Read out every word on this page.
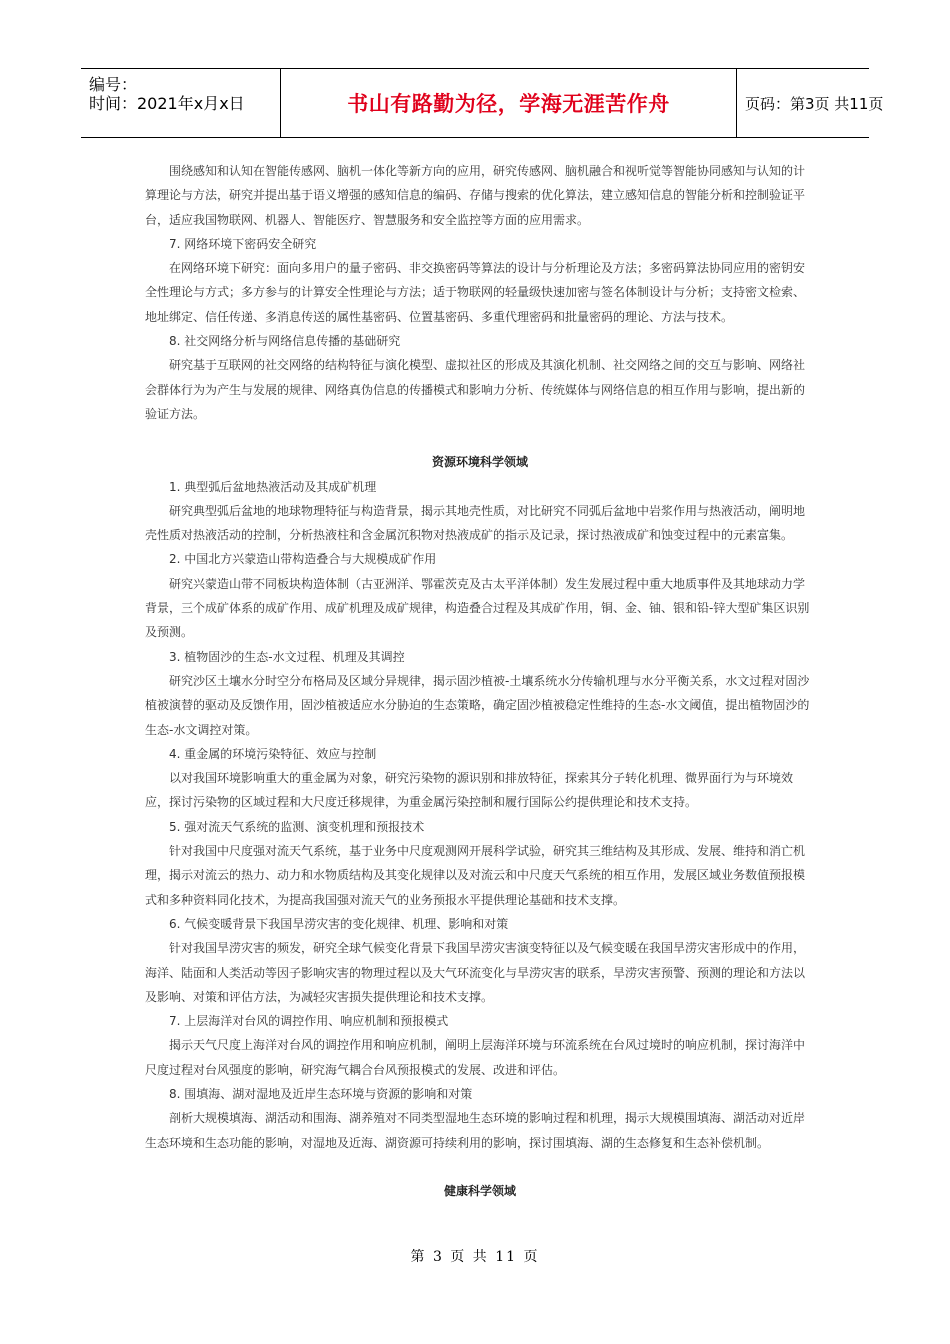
编号：
时间：2021年x月x日	书山有路勤为径，学海无涯苦作舟	页码：第3页 共11页

围绕感知和认知在智能传感网、脑机一体化等新方向的应用，研究传感网、脑机融合和视听觉等智能协同感知与认知的计算理论与方法，研究并提出基于语义增强的感知信息的编码、存储与搜索的优化算法，建立感知信息的智能分析和控制验证平台，适应我国物联网、机器人、智能医疗、智慧服务和安全监控等方面的应用需求。

7. 网络环境下密码安全研究

在网络环境下研究：面向多用户的量子密码、非交换密码等算法的设计与分析理论及方法；多密码算法协同应用的密钥安全性理论与方式；多方参与的计算安全性理论与方法；适于物联网的轻量级快速加密与签名体制设计与分析；支持密文检索、地址绑定、信任传递、多消息传送的属性基密码、位置基密码、多重代理密码和批量密码的理论、方法与技术。

8. 社交网络分析与网络信息传播的基础研究

研究基于互联网的社交网络的结构特征与演化模型、虚拟社区的形成及其演化机制、社交网络之间的交互与影响、网络社会群体行为为产生与发展的规律、网络真伪信息的传播模式和影响力分析、传统媒体与网络信息的相互作用与影响，提出新的验证方法。

资源环境科学领域

1. 典型弧后盆地热液活动及其成矿机理

研究典型弧后盆地的地球物理特征与构造背景，揭示其地壳性质，对比研究不同弧后盆地中岩浆作用与热液活动，阐明地壳性质对热液活动的控制，分析热液柱和含金属沉积物对热液成矿的指示及记录，探讨热液成矿和蚀变过程中的元素富集。

2. 中国北方兴蒙造山带构造叠合与大规模成矿作用

研究兴蒙造山带不同板块构造体制（古亚洲洋、鄂霍茨克及古太平洋体制）发生发展过程中重大地质事件及其地球动力学背景，三个成矿体系的成矿作用、成矿机理及成矿规律，构造叠合过程及其成矿作用，铜、金、铀、银和铅-锌大型矿集区识别及预测。

3. 植物固沙的生态-水文过程、机理及其调控

研究沙区土壤水分时空分布格局及区域分异规律，揭示固沙植被-土壤系统水分传输机理与水分平衡关系，水文过程对固沙植被演替的驱动及反馈作用，固沙植被适应水分胁迫的生态策略，确定固沙植被稳定性维持的生态-水文阈值，提出植物固沙的生态-水文调控对策。

4. 重金属的环境污染特征、效应与控制

以对我国环境影响重大的重金属为对象，研究污染物的源识别和排放特征，探索其分子转化机理、微界面行为与环境效应，探讨污染物的区域过程和大尺度迁移规律，为重金属污染控制和履行国际公约提供理论和技术支持。

5. 强对流天气系统的监测、演变机理和预报技术

针对我国中尺度强对流天气系统，基于业务中尺度观测网开展科学试验，研究其三维结构及其形成、发展、维持和消亡机理，揭示对流云的热力、动力和水物质结构及其变化规律以及对流云和中尺度天气系统的相互作用，发展区域业务数值预报模式和多种资料同化技术，为提高我国强对流天气的业务预报水平提供理论基础和技术支撑。

6. 气候变暖背景下我国旱涝灾害的变化规律、机理、影响和对策

针对我国旱涝灾害的频发，研究全球气候变化背景下我国旱涝灾害演变特征以及气候变暖在我国旱涝灾害形成中的作用，海洋、陆面和人类活动等因子影响灾害的物理过程以及大气环流变化与旱涝灾害的联系，旱涝灾害预警、预测的理论和方法以及影响、对策和评估方法，为减轻灾害损失提供理论和技术支撑。

7. 上层海洋对台风的调控作用、响应机制和预报模式

揭示天气尺度上海洋对台风的调控作用和响应机制，阐明上层海洋环境与环流系统在台风过境时的响应机制，探讨海洋中尺度过程对台风强度的影响，研究海气耦合台风预报模式的发展、改进和评估。

8. 围填海、湖对湿地及近岸生态环境与资源的影响和对策

剖析大规模填海、湖活动和围海、湖养殖对不同类型湿地生态环境的影响过程和机理，揭示大规模围填海、湖活动对近岸生态环境和生态功能的影响，对湿地及近海、湖资源可持续利用的影响，探讨围填海、湖的生态修复和生态补偿机制。

健康科学领域

第 3 页 共 11 页
